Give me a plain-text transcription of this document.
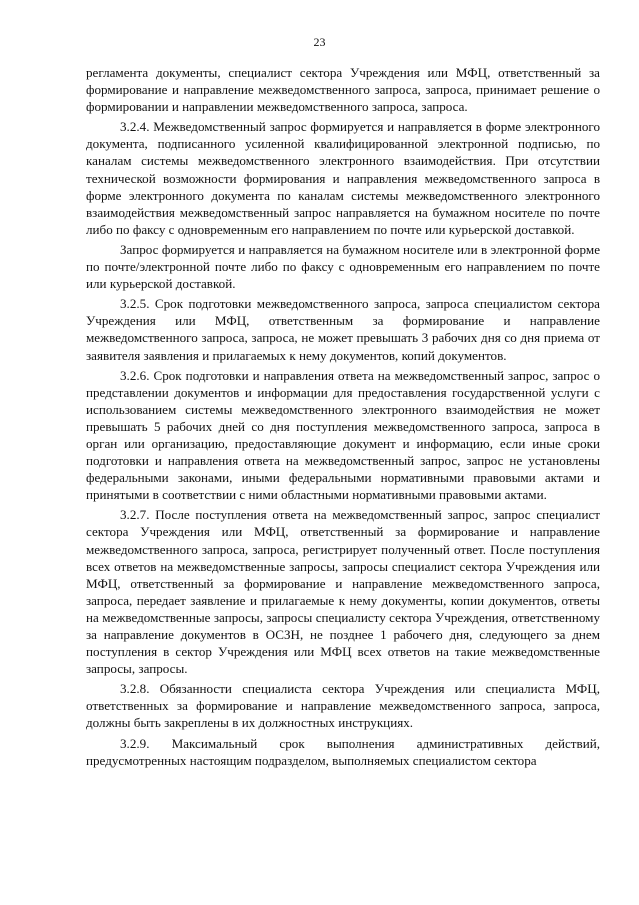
23

регламента документы, специалист сектора Учреждения или МФЦ, ответственный за формирование и направление межведомственного запроса, запроса, принимает решение о формировании и направлении межведомственного запроса, запроса.

3.2.4. Межведомственный запрос формируется и направляется в форме электронного документа, подписанного усиленной квалифицированной электронной подписью, по каналам системы межведомственного электронного взаимодействия. При отсутствии технической возможности формирования и направления межведомственного запроса в форме электронного документа по каналам системы межведомственного электронного взаимодействия межведомственный запрос направляется на бумажном носителе по почте либо по факсу с одновременным его направлением по почте или курьерской доставкой.

Запрос формируется и направляется на бумажном носителе или в электронной форме по почте/электронной почте либо по факсу с одновременным его направлением по почте или курьерской доставкой.

3.2.5. Срок подготовки межведомственного запроса, запроса специалистом сектора Учреждения или МФЦ, ответственным за формирование и направление межведомственного запроса, запроса, не может превышать 3 рабочих дня со дня приема от заявителя заявления и прилагаемых к нему документов, копий документов.

3.2.6. Срок подготовки и направления ответа на межведомственный запрос, запрос о представлении документов и информации для предоставления государственной услуги с использованием системы межведомственного электронного взаимодействия не может превышать 5 рабочих дней со дня поступления межведомственного запроса, запроса в орган или организацию, предоставляющие документ и информацию, если иные сроки подготовки и направления ответа на межведомственный запрос, запрос не установлены федеральными законами, иными федеральными нормативными правовыми актами и принятыми в соответствии с ними областными нормативными правовыми актами.

3.2.7. После поступления ответа на межведомственный запрос, запрос специалист сектора Учреждения или МФЦ, ответственный за формирование и направление межведомственного запроса, запроса, регистрирует полученный ответ. После поступления всех ответов на межведомственные запросы, запросы специалист сектора Учреждения или МФЦ, ответственный за формирование и направление межведомственного запроса, запроса, передает заявление и прилагаемые к нему документы, копии документов, ответы на межведомственные запросы, запросы специалисту сектора Учреждения, ответственному за направление документов в ОСЗН, не позднее 1 рабочего дня, следующего за днем поступления в сектор Учреждения или МФЦ всех ответов на такие межведомственные запросы, запросы.

3.2.8. Обязанности специалиста сектора Учреждения или специалиста МФЦ, ответственных за формирование и направление межведомственного запроса, запроса, должны быть закреплены в их должностных инструкциях.

3.2.9. Максимальный срок выполнения административных действий, предусмотренных настоящим подразделом, выполняемых специалистом сектора
